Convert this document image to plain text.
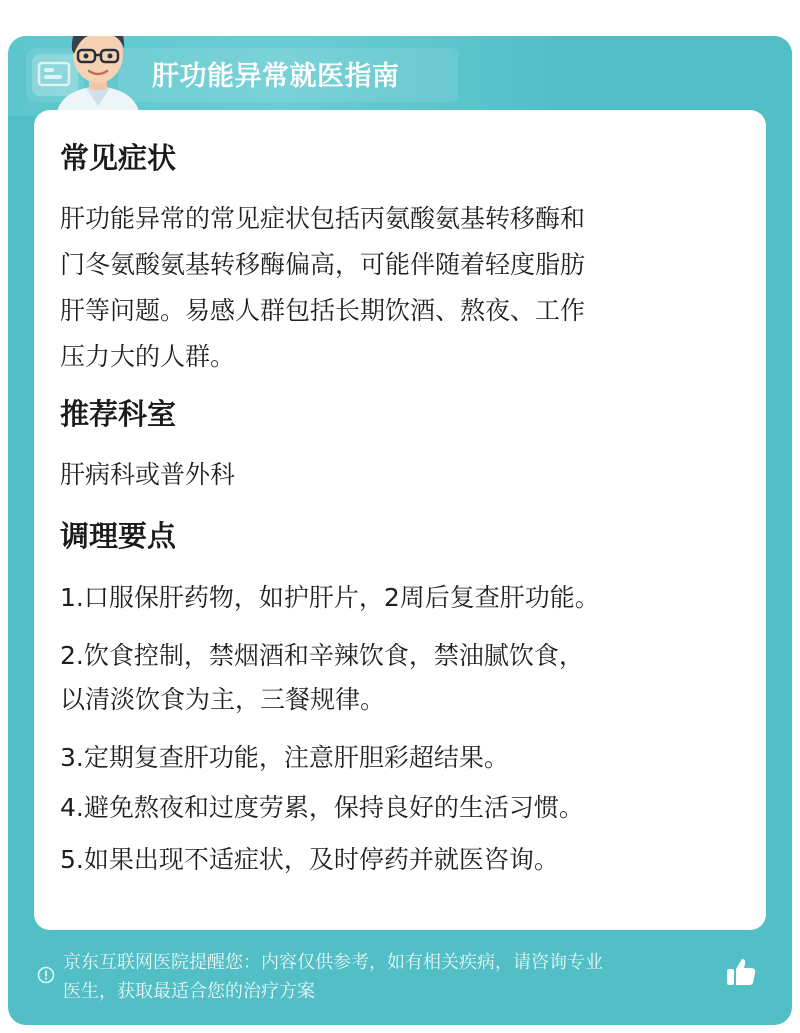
肝功能异常就医指南
常见症状
肝功能异常的常见症状包括丙氨酸氨基转移酶和
门冬氨酸氨基转移酶偏高，可能伴随着轻度脂肪
肝等问题。易感人群包括长期饮酒、熬夜、工作
压力大的人群。
推荐科室
肝病科或普外科
调理要点
1.口服保肝药物，如护肝片，2周后复查肝功能。
2.饮食控制，禁烟酒和辛辣饮食，禁油腻饮食，
以清淡饮食为主，三餐规律。
3.定期复查肝功能，注意肝胆彩超结果。
4.避免熬夜和过度劳累，保持良好的生活习惯。
5.如果出现不适症状，及时停药并就医咨询。
京东互联网医院提醒您：内容仅供参考，如有相关疾病，请咨询专业
医生，获取最适合您的治疗方案
